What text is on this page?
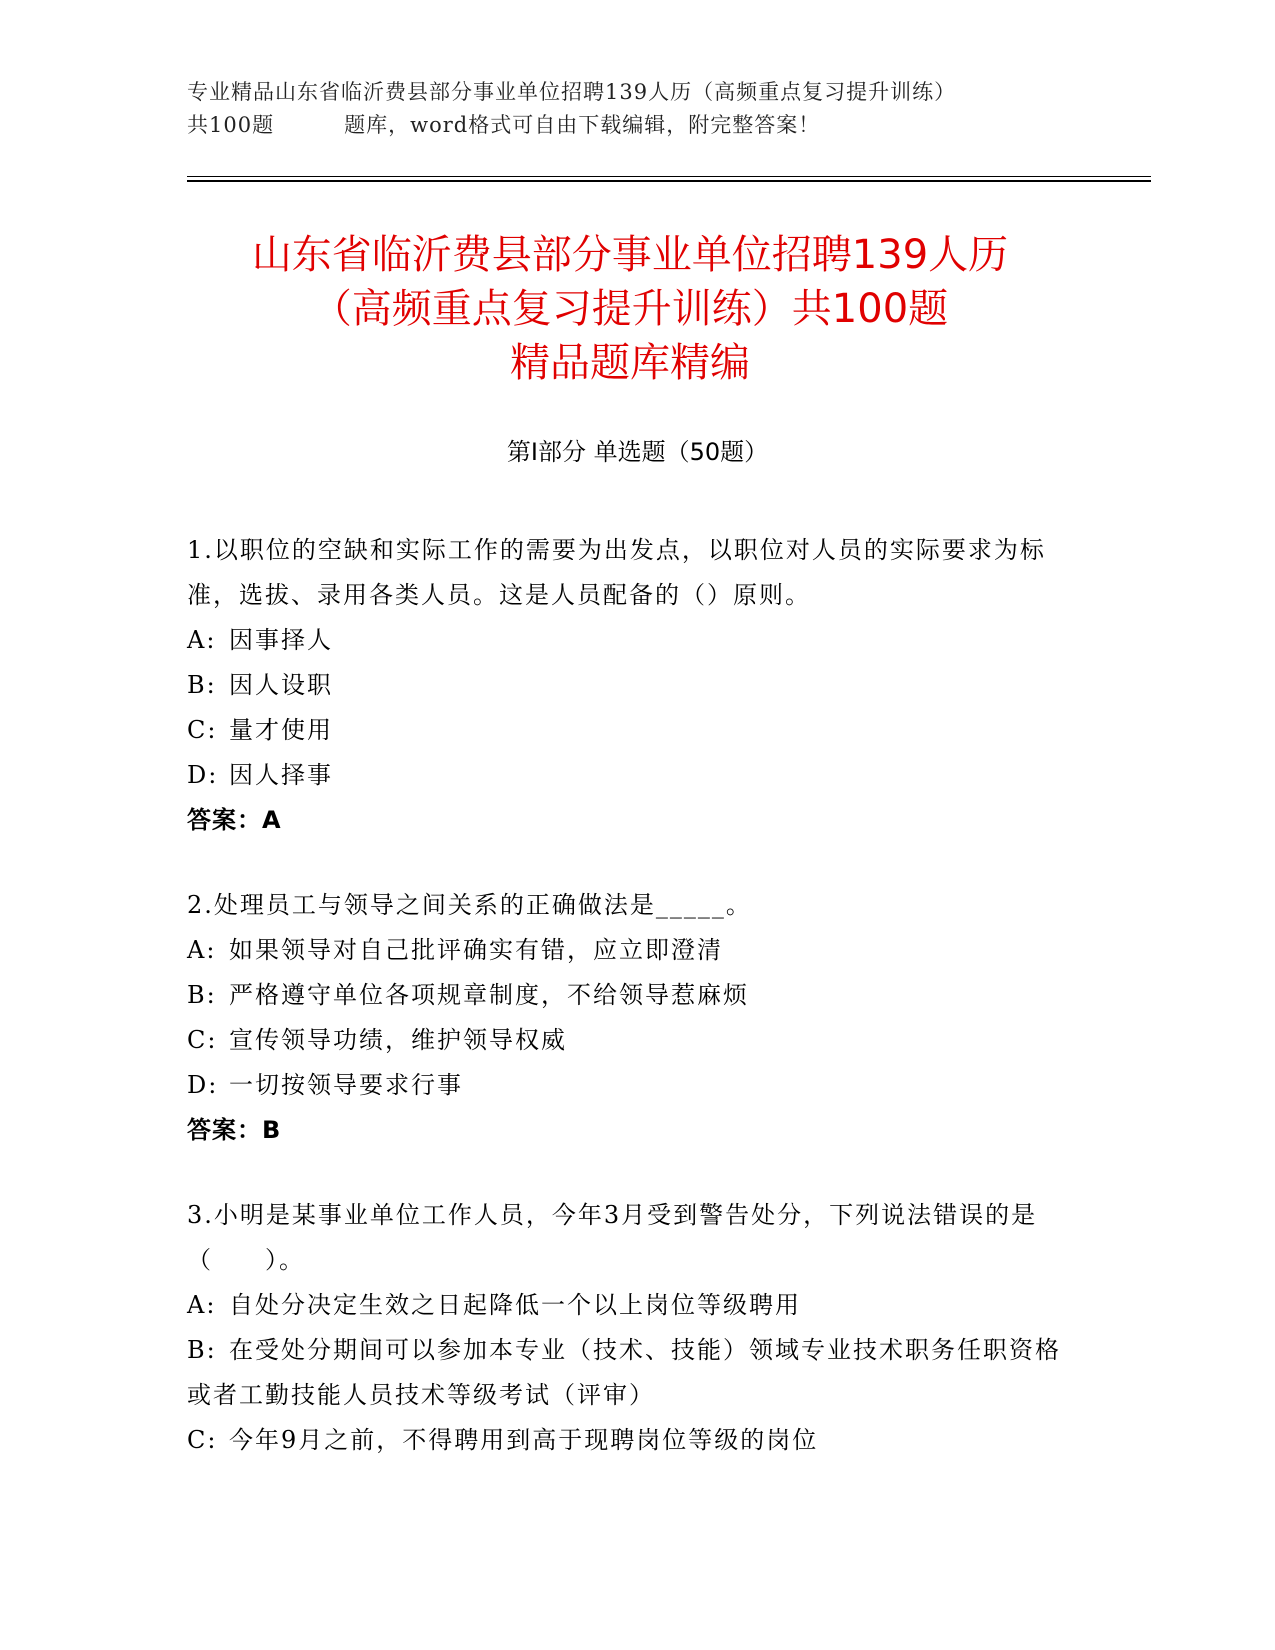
专业精品山东省临沂费县部分事业单位招聘139人历（高频重点复习提升训练）
共100题	题库，word格式可自由下载编辑，附完整答案！
山东省临沂费县部分事业单位招聘139人历
（高频重点复习提升训练）共100题
精品题库精编
第I部分 单选题（50题）

1.以职位的空缺和实际工作的需要为出发点，以职位对人员的实际要求为标准，选拔、录用各类人员。这是人员配备的（）原则。

A: 因事择人

B: 因人设职

C: 量才使用

D: 因人择事

答案：A

2.处理员工与领导之间关系的正确做法是_____。

A: 如果领导对自己批评确实有错，应立即澄清

B: 严格遵守单位各项规章制度，不给领导惹麻烦

C: 宣传领导功绩，维护领导权威

D: 一切按领导要求行事

答案：B

3.小明是某事业单位工作人员，今年3月受到警告处分，下列说法错误的是（　　）。

A: 自处分决定生效之日起降低一个以上岗位等级聘用

B: 在受处分期间可以参加本专业（技术、技能）领域专业技术职务任职资格或者工勤技能人员技术等级考试（评审）

C: 今年9月之前，不得聘用到高于现聘岗位等级的岗位
